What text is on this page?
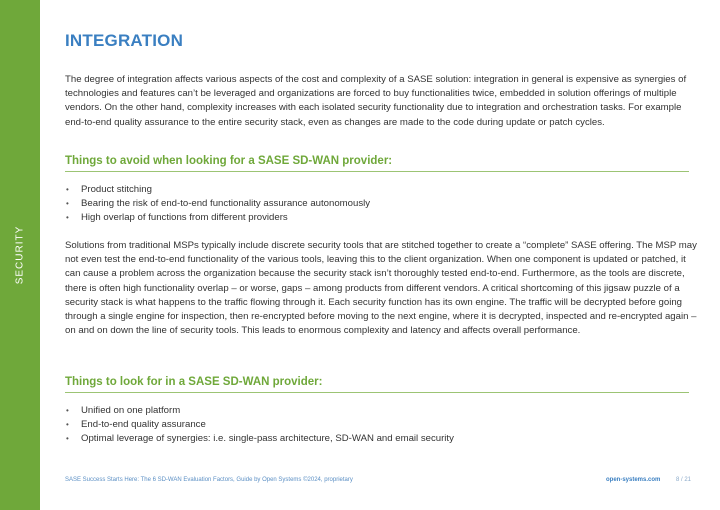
SECURITY
INTEGRATION

The degree of integration affects various aspects of the cost and complexity of a SASE solution: integration in general is expensive as synergies of technologies and features can’t be leveraged and organizations are forced to buy functionalities twice, embedded in solution offerings of multiple vendors. On the other hand, complexity increases with each isolated security functionality due to integration and orchestration tasks. For example end-to-end quality assurance to the entire security stack, even as changes are made to the code during update or patch cycles.

Things to avoid when looking for a SASE SD-WAN provider:
• Product stitching
• Bearing the risk of end-to-end functionality assurance autonomously
• High overlap of functions from different providers

Solutions from traditional MSPs typically include discrete security tools that are stitched together to create a “complete” SASE offering. The MSP may not even test the end-to-end functionality of the various tools, leaving this to the client organization. When one component is updated or patched, it can cause a problem across the organization because the security stack isn’t thoroughly tested end-to-end. Furthermore, as the tools are discrete, there is often high functionality overlap – or worse, gaps – among products from different vendors. A critical shortcoming of this jigsaw puzzle of a security stack is what happens to the traffic flowing through it. Each security function has its own engine. The traffic will be decrypted before going through a single engine for inspection, then re-encrypted before moving to the next engine, where it is decrypted, inspected and re-encrypted again – on and on down the line of security tools. This leads to enormous complexity and latency and affects overall performance.

Things to look for in a SASE SD-WAN provider:
• Unified on one platform
• End-to-end quality assurance
• Optimal leverage of synergies: i.e. single-pass architecture, SD-WAN and email security
SASE Success Starts Here: The 6 SD-WAN Evaluation Factors, Guide by Open Systems ©2024, proprietary	open-systems.com	8 / 21
